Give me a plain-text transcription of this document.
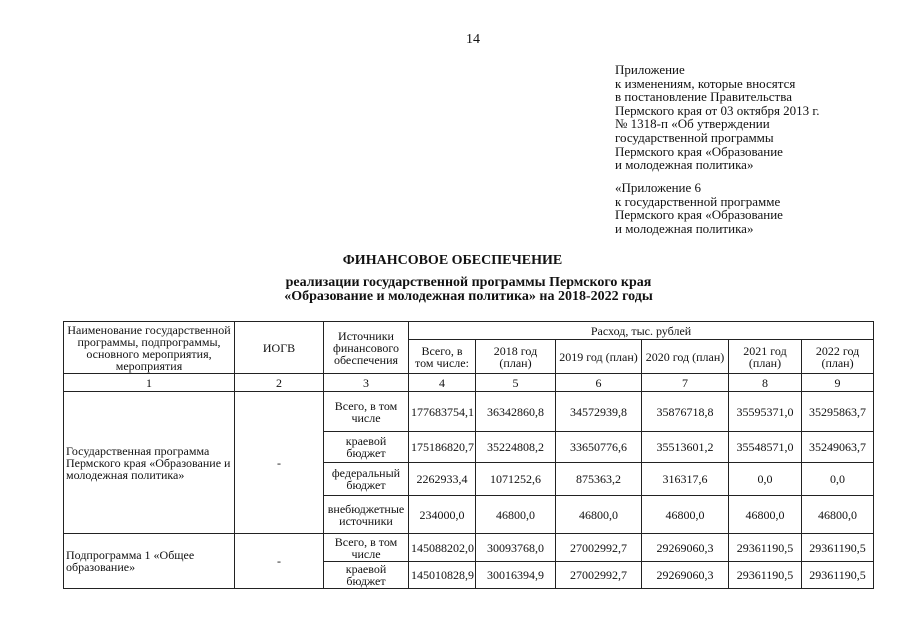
14
Приложение
к изменениям, которые вносятся
в постановление Правительства
Пермского края от 03 октября 2013 г.
№ 1318-п «Об утверждении
государственной программы
Пермского края «Образование
и молодежная политика»
«Приложение 6
к государственной программе
Пермского края «Образование
и молодежная политика»
ФИНАНСОВОЕ ОБЕСПЕЧЕНИЕ
реализации государственной программы Пермского края
«Образование и молодежная политика» на 2018-2022 годы
Наименование государственной программы, подпрограммы, основного мероприятия, мероприятия	ИОГВ	Источники финансового обеспечения	Расход, тыс. рублей					
			Всего, в том числе:	2018 год (план)	2019 год (план)	2020 год (план)	2021 год (план)	2022 год (план)
1	2	3	4	5	6	7	8	9
Государственная программа Пермского края «Образование и молодежная политика»	-	Всего, в том числе	177683754,1	36342860,8	34572939,8	35876718,8	35595371,0	35295863,7
		краевой бюджет	175186820,7	35224808,2	33650776,6	35513601,2	35548571,0	35249063,7
		федеральный бюджет	2262933,4	1071252,6	875363,2	316317,6	0,0	0,0
		внебюджетные источники	234000,0	46800,0	46800,0	46800,0	46800,0	46800,0
Подпрограмма 1 «Общее образование»	-	Всего, в том числе	145088202,0	30093768,0	27002992,7	29269060,3	29361190,5	29361190,5
		краевой бюджет	145010828,9	30016394,9	27002992,7	29269060,3	29361190,5	29361190,5
